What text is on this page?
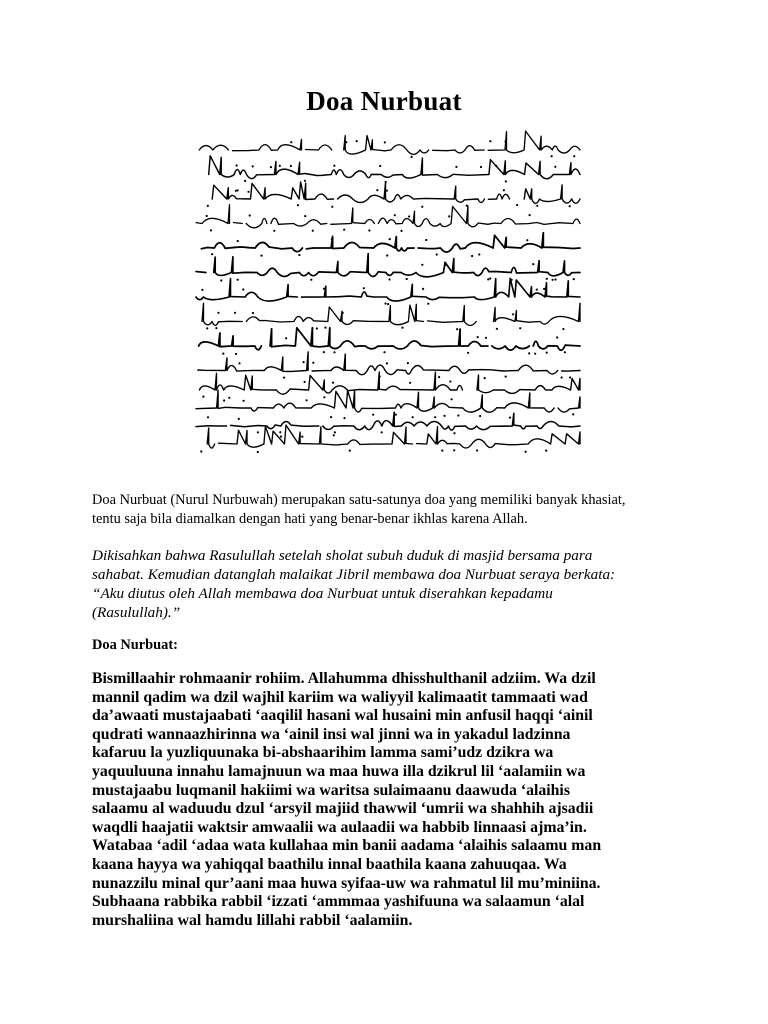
Doa Nurbuat

Doa Nurbuat (Nurul Nurbuwah) merupakan satu-satunya doa yang memiliki banyak khasiat,
tentu saja bila diamalkan dengan hati yang benar-benar ikhlas karena Allah.

Dikisahkan bahwa Rasulullah setelah sholat subuh duduk di masjid bersama para
sahabat. Kemudian datanglah malaikat Jibril membawa doa Nurbuat seraya berkata:
“Aku diutus oleh Allah membawa doa Nurbuat untuk diserahkan kepadamu
(Rasulullah).”

Doa Nurbuat:

Bismillaahir rohmaanir rohiim. Allahumma dhisshulthanil adziim. Wa dzil
mannil qadim wa dzil wajhil kariim wa waliyyil kalimaatit tammaati wad
da’awaati mustajaabati ‘aaqilil hasani wal husaini min anfusil haqqi ‘ainil
qudrati wannaazhirinna wa ‘ainil insi wal jinni wa in yakadul ladzinna
kafaruu la yuzliquunaka bi-abshaarihim lamma sami’udz dzikra wa
yaquuluuna innahu lamajnuun wa maa huwa illa dzikrul lil ‘aalamiin wa
mustajaabu luqmanil hakiimi wa waritsa sulaimaanu daawuda ‘alaihis
salaamu al waduudu dzul ‘arsyil majiid thawwil ‘umrii wa shahhih ajsadii
waqdli haajatii waktsir amwaalii wa aulaadii wa habbib linnaasi ajma’in.
Watabaa ‘adil ‘adaa wata kullahaa min banii aadama ‘alaihis salaamu man
kaana hayya wa yahiqqal baathilu innal baathila kaana zahuuqaa. Wa
nunazzilu minal qur’aani maa huwa syifaa-uw wa rahmatul lil mu’miniina.
Subhaana rabbika rabbil ‘izzati ‘ammmaa yashifuuna wa salaamun ‘alal
murshaliina wal hamdu lillahi rabbil ‘aalamiin.
